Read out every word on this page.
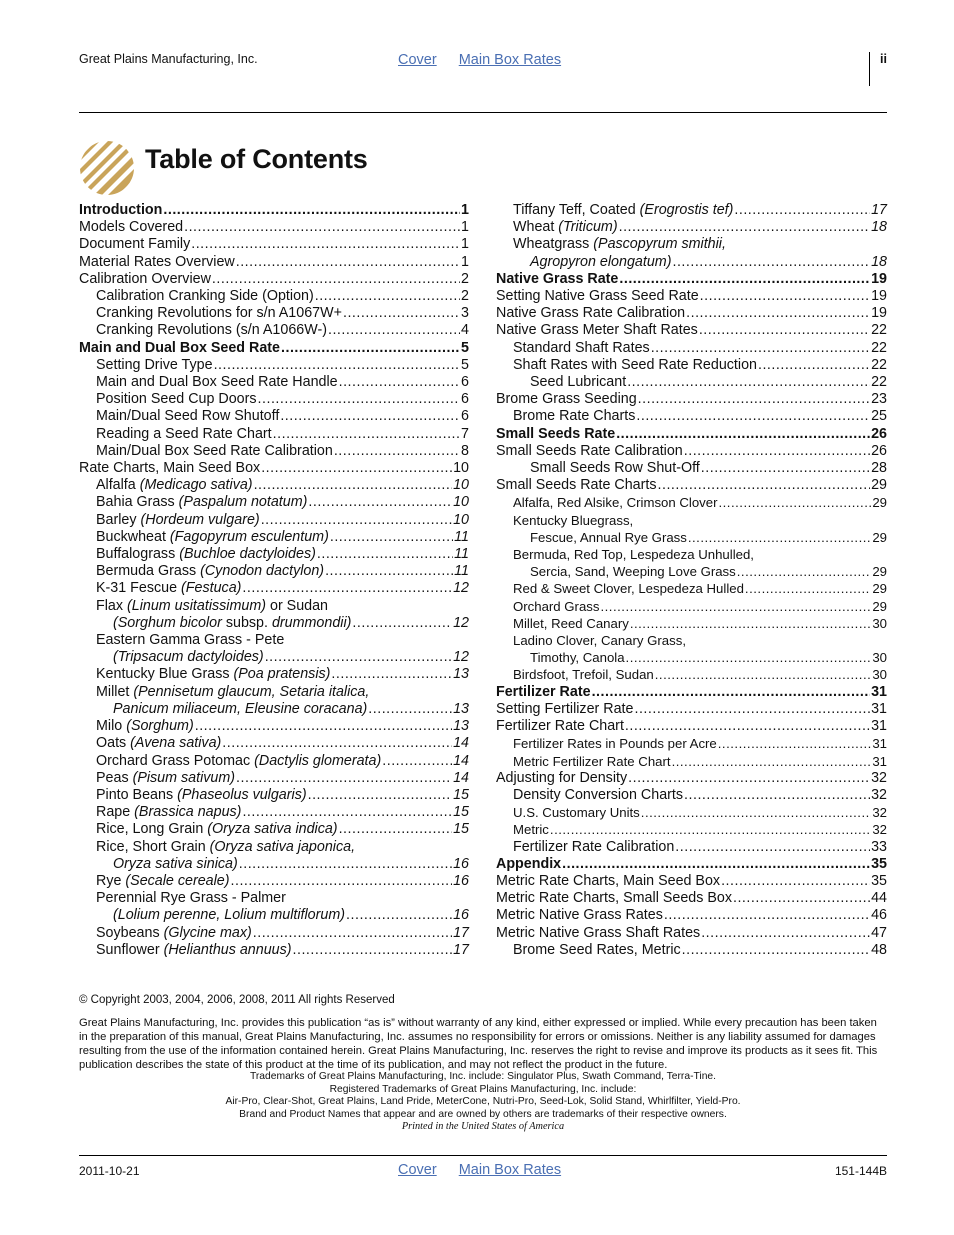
Great Plains Manufacturing, Inc.	Cover Main Box Rates	ii
Table of Contents
Introduction .....	1
Models Covered .....	1
Document Family .....	1
Material Rates Overview .....	1
Calibration Overview .....	2
Calibration Cranking Side (Option) .....	2
Cranking Revolutions for s/n A1067W+ .....	3
Cranking Revolutions (s/n A1066W-) .....	4
Main and Dual Box Seed Rate .....	5
Setting Drive Type .....	5
Main and Dual Box Seed Rate Handle .....	6
Position Seed Cup Doors .....	6
Main/Dual Seed Row Shutoff .....	6
Reading a Seed Rate Chart .....	7
Main/Dual Box Seed Rate Calibration .....	8
Rate Charts, Main Seed Box .....	10
Alfalfa (Medicago sativa) .....	10
Bahia Grass (Paspalum notatum) .....	10
Barley (Hordeum vulgare) .....	10
Buckwheat (Fagopyrum esculentum) .....	11
Buffalograss (Buchloe dactyloides) .....	11
Bermuda Grass (Cynodon dactylon) .....	11
K-31 Fescue (Festuca) .....	12
Flax (Linum usitatissimum) or Sudan
(Sorghum bicolor subsp. drummondii) .....	12
Eastern Gamma Grass - Pete
(Tripsacum dactyloides) .....	12
Kentucky Blue Grass (Poa pratensis) .....	13
Millet (Pennisetum glaucum, Setaria italica,
Panicum miliaceum, Eleusine coracana) .....	13
Milo (Sorghum) .....	13
Oats (Avena sativa) .....	14
Orchard Grass Potomac (Dactylis glomerata) .....	14
Peas (Pisum sativum) .....	14
Pinto Beans (Phaseolus vulgaris) .....	15
Rape (Brassica napus) .....	15
Rice, Long Grain (Oryza sativa indica) .....	15
Rice, Short Grain (Oryza sativa japonica,
Oryza sativa sinica) .....	16
Rye (Secale cereale) .....	16
Perennial Rye Grass - Palmer
(Lolium perenne, Lolium multiflorum) .....	16
Soybeans (Glycine max) .....	17
Sunflower (Helianthus annuus) .....	17
Tiffany Teff, Coated (Erogrostis tef) .....	17
Wheat (Triticum) .....	18
Wheatgrass (Pascopyrum smithii,
Agropyron elongatum) .....	18
Native Grass Rate .....	19
Setting Native Grass Seed Rate .....	19
Native Grass Rate Calibration .....	19
Native Grass Meter Shaft Rates .....	22
Standard Shaft Rates .....	22
Shaft Rates with Seed Rate Reduction .....	22
Seed Lubricant .....	22
Brome Grass Seeding .....	23
Brome Rate Charts .....	25
Small Seeds Rate .....	26
Small Seeds Rate Calibration .....	26
Small Seeds Row Shut-Off .....	28
Small Seeds Rate Charts .....	29
Alfalfa, Red Alsike, Crimson Clover .....	29
Kentucky Bluegrass,
Fescue, Annual Rye Grass .....	29
Bermuda, Red Top, Lespedeza Unhulled,
Sercia, Sand, Weeping Love Grass .....	29
Red & Sweet Clover, Lespedeza Hulled .....	29
Orchard Grass .....	29
Millet, Reed Canary .....	30
Ladino Clover, Canary Grass,
Timothy, Canola .....	30
Birdsfoot, Trefoil, Sudan .....	30
Fertilizer Rate .....	31
Setting Fertilizer Rate .....	31
Fertilizer Rate Chart .....	31
Fertilizer Rates in Pounds per Acre .....	31
Metric Fertilizer Rate Chart .....	31
Adjusting for Density .....	32
Density Conversion Charts .....	32
U.S. Customary Units .....	32
Metric .....	32
Fertilizer Rate Calibration .....	33
Appendix .....	35
Metric Rate Charts, Main Seed Box .....	35
Metric Rate Charts, Small Seeds Box .....	44
Metric Native Grass Rates .....	46
Metric Native Grass Shaft Rates .....	47
Brome Seed Rates, Metric .....	48
© Copyright 2003, 2004, 2006, 2008, 2011 All rights Reserved
Great Plains Manufacturing, Inc. provides this publication “as is” without warranty of any kind, either expressed or implied. While every precaution has been taken in the preparation of this manual, Great Plains Manufacturing, Inc. assumes no responsibility for errors or omissions. Neither is any liability assumed for damages resulting from the use of the information contained herein. Great Plains Manufacturing, Inc. reserves the right to revise and improve its products as it sees fit. This publication describes the state of this product at the time of its publication, and may not reflect the product in the future.
Trademarks of Great Plains Manufacturing, Inc. include: Singulator Plus, Swath Command, Terra-Tine.
Registered Trademarks of Great Plains Manufacturing, Inc. include:
Air-Pro, Clear-Shot, Great Plains, Land Pride, MeterCone, Nutri-Pro, Seed-Lok, Solid Stand, Whirlfilter, Yield-Pro.
Brand and Product Names that appear and are owned by others are trademarks of their respective owners.
Printed in the United States of America
2011-10-21	Cover Main Box Rates	151-144B
